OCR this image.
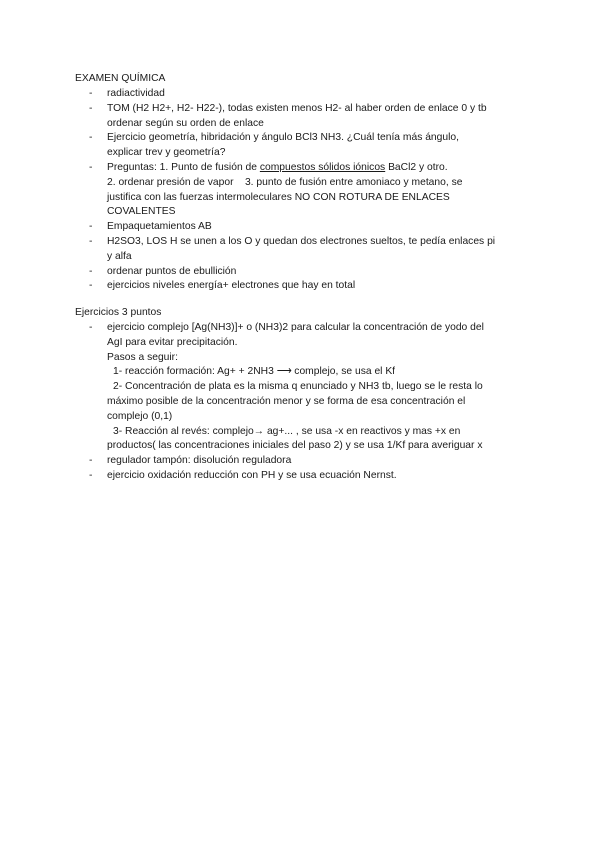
EXAMEN QUÍMICA
- radiactividad
- TOM (H2 H2+, H2- H22-), todas existen menos H2- al haber orden de enlace 0 y tb
ordenar según su orden de enlace
- Ejercicio geometría, hibridación y ángulo BCl3 NH3. ¿Cuál tenía más ángulo,
explicar trev y geometría?
- Preguntas: 1. Punto de fusión de compuestos sólidos iónicos BaCl2 y otro.
2. ordenar presión de vapor    3. punto de fusión entre amoniaco y metano, se
justifica con las fuerzas intermoleculares NO CON ROTURA DE ENLACES
COVALENTES
- Empaquetamientos AB
- H2SO3, LOS H se unen a los O y quedan dos electrones sueltos, te pedía enlaces pi
y alfa
- ordenar puntos de ebullición
- ejercicios niveles energía+ electrones que hay en total
Ejercicios 3 puntos
- ejercicio complejo [Ag(NH3)]+ o (NH3)2 para calcular la concentración de yodo del
AgI para evitar precipitación.
Pasos a seguir:
1- reacción formación: Ag+ + 2NH3 ⟶ complejo, se usa el Kf
2- Concentración de plata es la misma q enunciado y NH3 tb, luego se le resta lo
máximo posible de la concentración menor y se forma de esa concentración el
complejo (0,1)
3- Reacción al revés: complejo→ ag+... , se usa -x en reactivos y mas +x en
productos( las concentraciones iniciales del paso 2) y se usa 1/Kf para averiguar x
- regulador tampón: disolución reguladora
- ejercicio oxidación reducción con PH y se usa ecuación Nernst.
